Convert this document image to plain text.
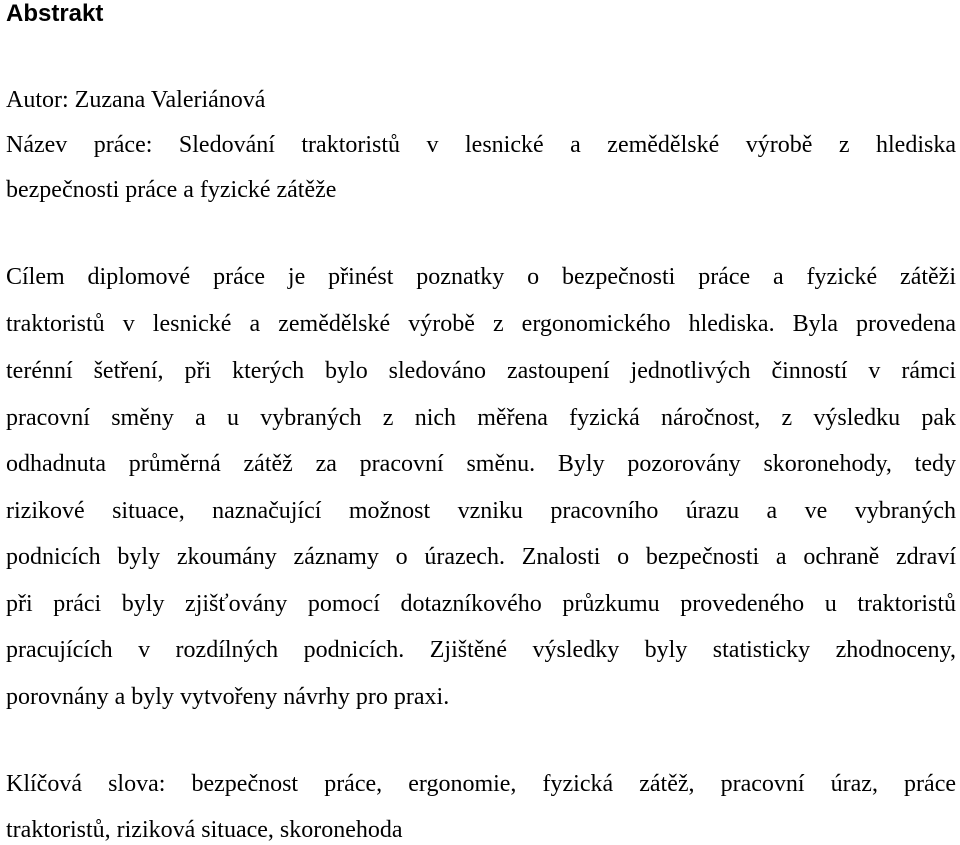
Abstrakt
Autor: Zuzana Valeriánová
Název práce: Sledování traktoristů v lesnické a zemědělské výrobě z hlediska
bezpečnosti práce a fyzické zátěže
Cílem diplomové práce je přinést poznatky o bezpečnosti práce a fyzické zátěži
traktoristů v lesnické a zemědělské výrobě z ergonomického hlediska. Byla provedena
terénní šetření, při kterých bylo sledováno zastoupení jednotlivých činností v rámci
pracovní směny a u vybraných z nich měřena fyzická náročnost, z výsledku pak
odhadnuta průměrná zátěž za pracovní směnu. Byly pozorovány skoronehody, tedy
rizikové situace, naznačující možnost vzniku pracovního úrazu a ve vybraných
podnicích byly zkoumány záznamy o úrazech. Znalosti o bezpečnosti a ochraně zdraví
při práci byly zjišťovány pomocí dotazníkového průzkumu provedeného u traktoristů
pracujících v rozdílných podnicích. Zjištěné výsledky byly statisticky zhodnoceny,
porovnány a byly vytvořeny návrhy pro praxi.
Klíčová slova: bezpečnost práce, ergonomie, fyzická zátěž, pracovní úraz, práce
traktoristů, riziková situace, skoronehoda
